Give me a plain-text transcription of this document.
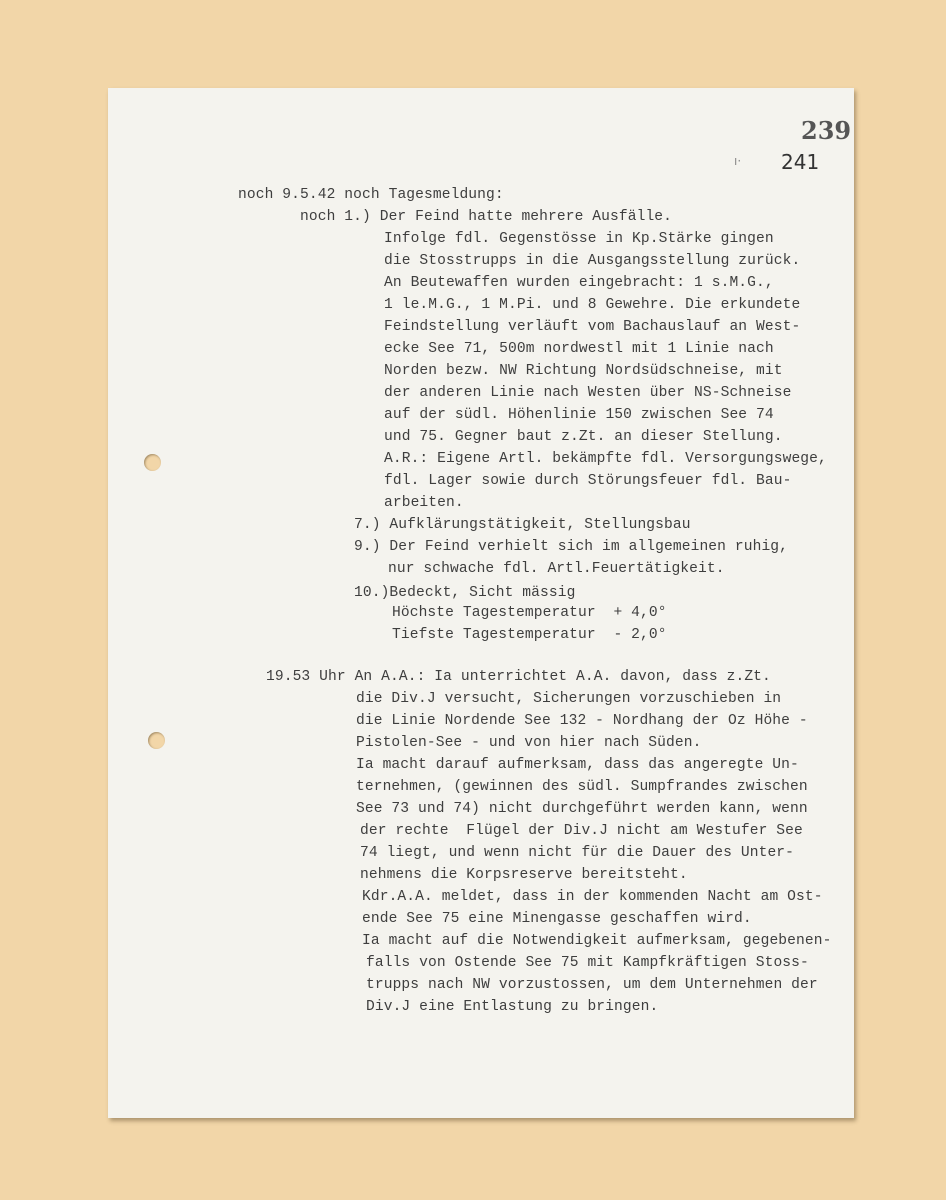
239
ı· 241
noch 9.5.42 noch Tagesmeldung:
noch 1.) Der Feind hatte mehrere Ausfälle.
Infolge fdl. Gegenstösse in Kp.Stärke gingen
die Stosstrupps in die Ausgangsstellung zurück.
An Beutewaffen wurden eingebracht: 1 s.M.G.,
1 le.M.G., 1 M.Pi. und 8 Gewehre. Die erkundete
Feindstellung verläuft vom Bachauslauf an West-
ecke See 71, 500m nordwestl mit 1 Linie nach
Norden bezw. NW Richtung Nordsüdschneise, mit
der anderen Linie nach Westen über NS-Schneise
auf der südl. Höhenlinie 150 zwischen See 74
und 75. Gegner baut z.Zt. an dieser Stellung.
A.R.: Eigene Artl. bekämpfte fdl. Versorgungswege,
fdl. Lager sowie durch Störungsfeuer fdl. Bau-
arbeiten.
7.) Aufklärungstätigkeit, Stellungsbau
9.) Der Feind verhielt sich im allgemeinen ruhig,
nur schwache fdl. Artl.Feuertätigkeit.
10.)Bedeckt, Sicht mässig
Höchste Tagestemperatur  + 4,0°
Tiefste Tagestemperatur  - 2,0°
19.53 Uhr An A.A.: Ia unterrichtet A.A. davon, dass z.Zt.
die Div.J versucht, Sicherungen vorzuschieben in
die Linie Nordende See 132 - Nordhang der Oz Höhe -
Pistolen-See - und von hier nach Süden.
Ia macht darauf aufmerksam, dass das angeregte Un-
ternehmen, (gewinnen des südl. Sumpfrandes zwischen
See 73 und 74) nicht durchgeführt werden kann, wenn
der rechte  Flügel der Div.J nicht am Westufer See
74 liegt, und wenn nicht für die Dauer des Unter-
nehmens die Korpsreserve bereitsteht.
Kdr.A.A. meldet, dass in der kommenden Nacht am Ost-
ende See 75 eine Minengasse geschaffen wird.
Ia macht auf die Notwendigkeit aufmerksam, gegebenen-
falls von Ostende See 75 mit Kampfkräftigen Stoss-
trupps nach NW vorzustossen, um dem Unternehmen der
Div.J eine Entlastung zu bringen.
